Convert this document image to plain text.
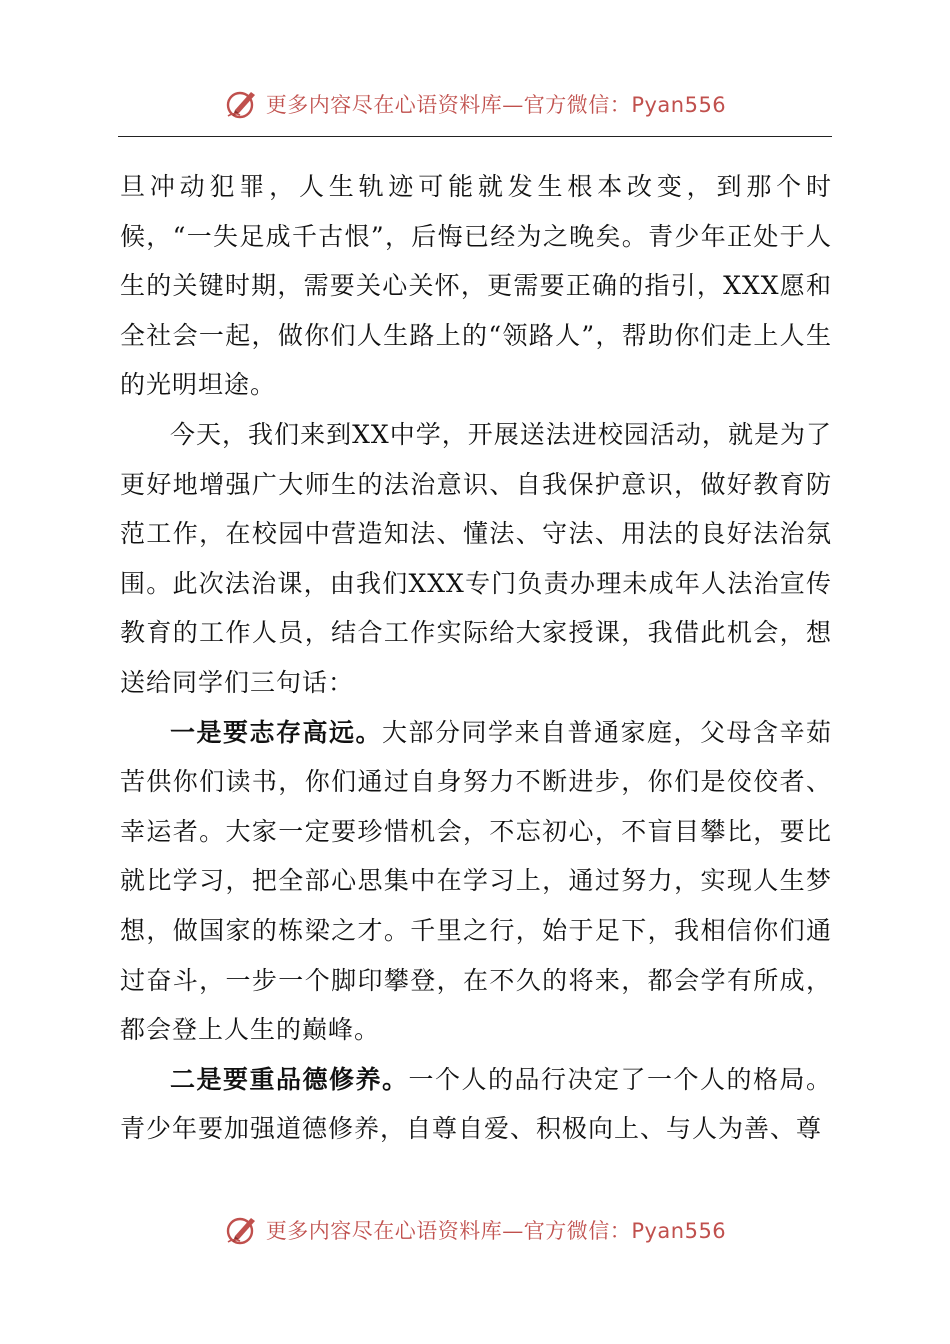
更多内容尽在心语资料库—官方微信：Pyan556

旦冲动犯罪，人生轨迹可能就发生根本改变，到那个时候，“一失足成千古恨”，后悔已经为之晚矣。青少年正处于人生的关键时期，需要关心关怀，更需要正确的指引，XXX愿和全社会一起，做你们人生路上的“领路人”，帮助你们走上人生的光明坦途。

今天，我们来到XX中学，开展送法进校园活动，就是为了更好地增强广大师生的法治意识、自我保护意识，做好教育防范工作，在校园中营造知法、懂法、守法、用法的良好法治氛围。此次法治课，由我们XXX专门负责办理未成年人法治宣传教育的工作人员，结合工作实际给大家授课，我借此机会，想送给同学们三句话：

一是要志存高远。大部分同学来自普通家庭，父母含辛茹苦供你们读书，你们通过自身努力不断进步，你们是佼佼者、幸运者。大家一定要珍惜机会，不忘初心，不盲目攀比，要比就比学习，把全部心思集中在学习上，通过努力，实现人生梦想，做国家的栋梁之才。千里之行，始于足下，我相信你们通过奋斗，一步一个脚印攀登，在不久的将来，都会学有所成，都会登上人生的巅峰。

二是要重品德修养。一个人的品行决定了一个人的格局。青少年要加强道德修养，自尊自爱、积极向上、与人为善、尊

更多内容尽在心语资料库—官方微信：Pyan556
